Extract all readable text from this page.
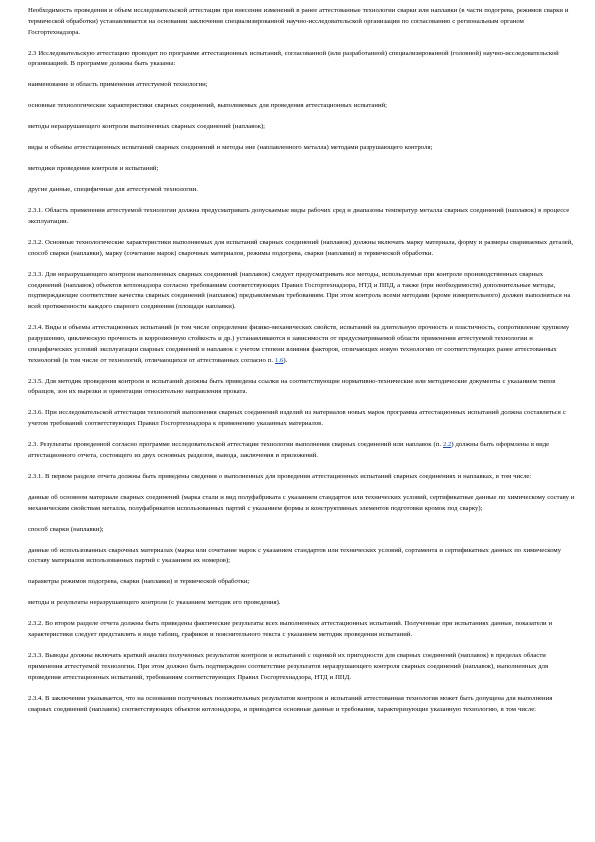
Необходимость проведения и объем исследовательской аттестации при внесении изменений в ранее аттестованные технологии сварки или наплавки (в части подогрева, режимов сварки и термической обработки) устанавливается на основании заключения специализированной научно-исследовательской организации по согласованию с региональным органом Госгортехнадзора.

2.3 Исследовательскую аттестацию проводит по программе аттестационных испытаний, согласованной (или разработанной) специализированной (головной) научно-исследовательской организацией. В программе должны быть указаны:

наименование и область применения аттестуемой технологии;

основные технологические характеристики сварных соединений, выполняемых для проведения аттестационных испытаний;

методы неразрушающего контроля выполненных сварных соединений (наплавок);

виды и объемы аттестационных испытаний сварных соединений и методы ние (наплавленного металла) методами разрушающего контроля;

методики проведения контроля и испытаний;

другие данные, специфичные для аттестуемой технологии.

2.3.1. Область применения аттестуемой технологии должна предусматривать допускаемые виды рабочих сред и диапазоны температур металла сварных соединений (наплавок) в процессе эксплуатации.

2.3.2. Основные технологические характеристики выполняемых для испытаний сварных соединений (наплавок) должны включать марку материала, форму и размеры свариваемых деталей, способ сварки (наплавки), марку (сочетание марок) сварочных материалов, режимы подогрева, сварки (наплавки) и термической обработки.

2.3.3. Для неразрушающего контроля выполненных сварных соединений (наплавок) следует предусматривать все методы, используемые при контроле производственных сварных соединений (наплавок) объектов котлонадзора согласно требованиям соответствующих Правил Госгортехнадзора, НТД и ППД, а также (при необходимости) дополнительные методы, подтверждающие соответствие качества сварных соединений (наплавок) предъявляемым требованиям. При этом контроль всеми методами (кроме измерительного) должен выполняться на всей протяженности каждого сварного соединения (площади наплавки).

2.3.4. Виды и объемы аттестационных испытаний (в том числе определение физико-механических свойств, испытаний на длительную прочность и пластичность, сопротивление хрупкому разрушению, циклическую прочность и коррозионную стойкость и др.) устанавливаются в зависимости от предусматриваемой области применения аттестуемой технологии и специфических условий эксплуатации сварных соединений и наплавок с учетом степени влияния факторов, отличающих новую технологию от соответствующих ранее аттестованных технологий (в том числе от технологий, отличающихся от аттестованных согласно п. 1.6).

2.3.5. Для методик проведения контроля и испытаний должны быть приведены ссылки на соответствующие нормативно-технические или методические документы с указанием типов образцов, зон их вырезки и ориентации относительно направления проката.

2.3.6. При исследовательской аттестации технологий выполнения сварных соединений изделий из материалов новых марок программа аттестационных испытаний должна составляться с учетом требований соответствующих Правил Госгортехнадзора к применению указанных материалов.

2.3. Результаты проведенной согласно программе исследовательской аттестации технологии выполнения сварных соединений или наплавок (п. 2.2) должны быть оформлены в виде аттестационного отчета, состоящего из двух основных разделов, вывода, заключения и приложений.

2.3.1. В первом разделе отчета должны быть приведены сведения о выполненных для проведения аттестационных испытаний сварных соединениях и наплавках, в том числе:

данные об основном материале сварных соединений (марка стали и вид полуфабриката с указанием стандартов или технических условий, сертификатные данные по химическому составу и механическим свойствам металла, полуфабрикатов использованных партий с указанием формы и конструктивных элементов подготовки кромок под сварку);

способ сварки (наплавки);

данные об использованных сварочных материалах (марка или сочетание марок с указанием стандартов или технических условий, сортамента и сертификатных данных по химическому составу материалов использованных партий с указанием их номеров);

параметры режимов подогрева, сварки (наплавки) и термической обработки;

методы и результаты неразрушающего контроля (с указанием методик его проведения).

2.3.2. Во втором разделе отчета должны быть приведены фактические результаты всех выполненных аттестационных испытаний. Полученные при испытаниях данные, показатели и характеристики следует представлять в виде таблиц, графиков и пояснительного текста с указанием методик проведения испытаний.

2.3.3. Выводы должны включать краткий анализ полученных результатов контроля и испытаний с оценкой их пригодности для сварных соединений (наплавок) в пределах области применения аттестуемой технологии. При этом должно быть подтверждено соответствие результатов неразрушающего контроля сварных соединений (наплавок), выполненных для проведения аттестационных испытаний, требованиям соответствующих Правил Госгортехнадзора, НТД и ППД.

2.3.4. В заключении указывается, что на основании полученных положительных результатов контроля и испытаний аттестованная технология может быть допущена для выполнения сварных соединений (наплавок) соответствующих объектов котлонадзора, и приводятся основные данные и требования, характеризующие указанную технологию, в том числе:
